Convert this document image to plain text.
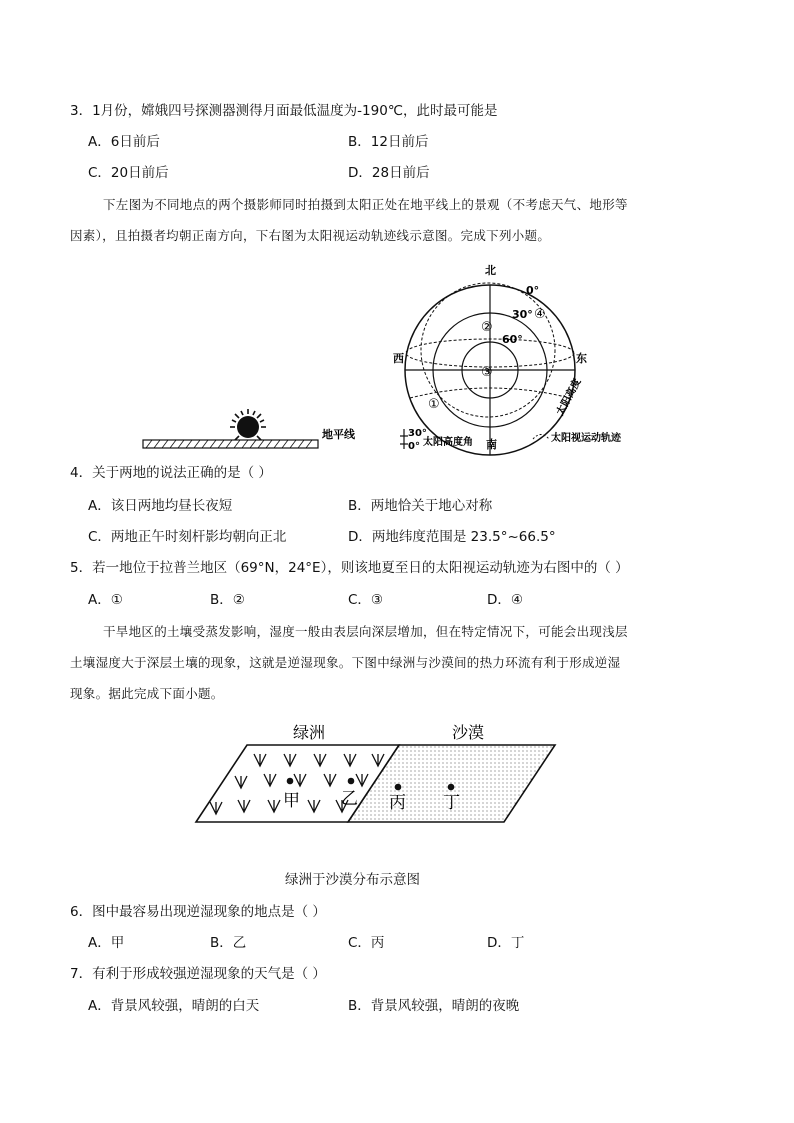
3．1月份，嫦娥四号探测器测得月面最低温度为-190℃，此时最可能是
A．6日前后	B．12日前后
C．20日前后	D．28日前后
下左图为不同地点的两个摄影师同时拍摄到太阳正处在地平线上的景观（不考虑天气、地形等
因素），且拍摄者均朝正南方向，下右图为太阳视运动轨迹线示意图。完成下列小题。
地平线
北
南
西	东
0°
30°
60°
①
②
③
④
太阳高度
30°
0° 太阳高度角	太阳视运动轨迹
4．关于两地的说法正确的是（ ）
A．该日两地均昼长夜短	B．两地恰关于地心对称
C．两地正午时刻杆影均朝向正北	D．两地纬度范围是 23.5°~66.5°
5．若一地位于拉普兰地区（69°N，24°E），则该地夏至日的太阳视运动轨迹为右图中的（ ）
A．①	B．②	C．③	D．④
干旱地区的土壤受蒸发影响，湿度一般由表层向深层增加，但在特定情况下，可能会出现浅层
土壤湿度大于深层土壤的现象，这就是逆湿现象。下图中绿洲与沙漠间的热力环流有利于形成逆湿
现象。据此完成下面小题。
绿洲	沙漠
甲 乙 丙 丁
绿洲于沙漠分布示意图
6．图中最容易出现逆湿现象的地点是（ ）
A．甲	B．乙	C．丙	D．丁
7．有利于形成较强逆湿现象的天气是（ ）
A．背景风较强，晴朗的白天	B．背景风较强，晴朗的夜晚
